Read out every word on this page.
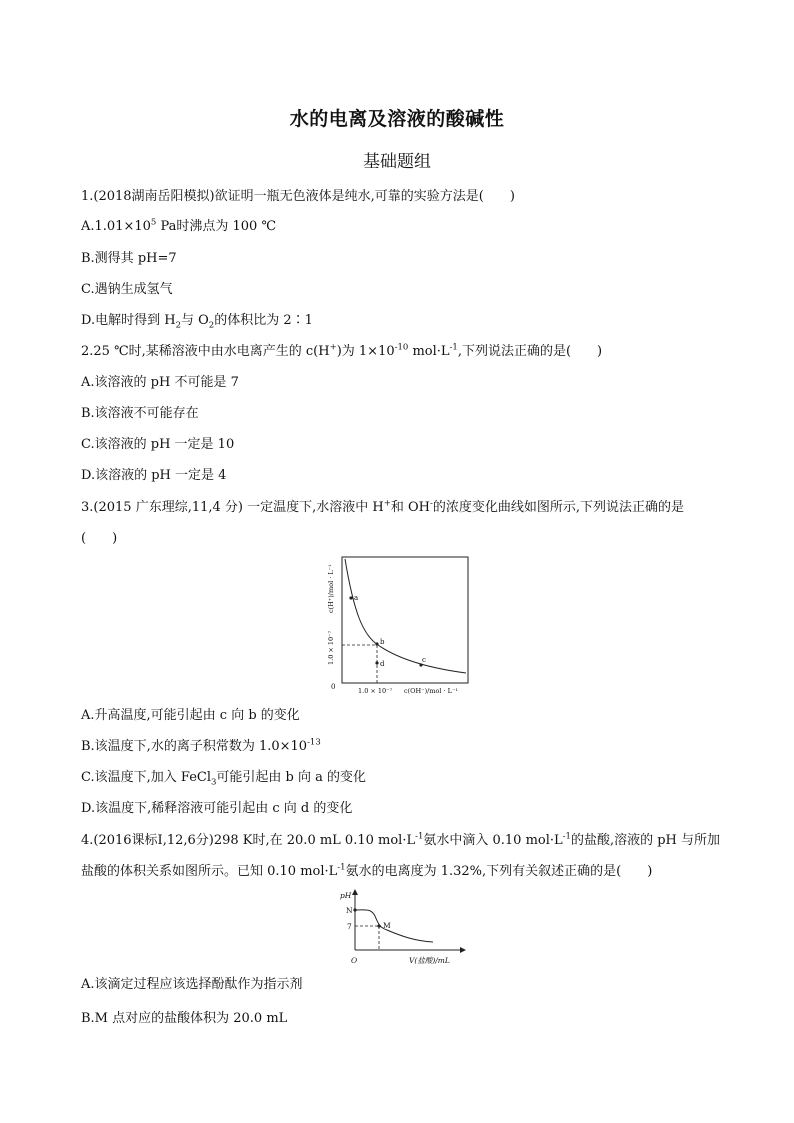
水的电离及溶液的酸碱性
基础题组
1.(2018湖南岳阳模拟)欲证明一瓶无色液体是纯水,可靠的实验方法是(　　)
$A.1.01\times 10^5$ Pa时沸点为 100 ℃
B.测得其 pH=7
C.遇钠生成氢气
D.电解时得到 $H_2$与 $O_2$的体积比为 2∶1
2.25 ℃时,某稀溶液中由水电离产生的 c(H+)为 $1\times 10^{-10}$ $mol\cdot L^{-1}$,下列说法正确的是(　　)
A.该溶液的 pH 不可能是 7
B.该溶液不可能存在
C.该溶液的 pH 一定是 10
D.该溶液的 pH 一定是 4
3.(2015 广东理综,11,4 分) 一定温度下,水溶液中 H+和 OH-的浓度变化曲线如图所示,下列说法正确的是
(　　)
a
b
d	c
1.0 × 10⁻⁷
c(H⁺)/mol · L⁻¹
0	1.0 × 10⁻⁷ c(OH⁻)/mol · L⁻¹
A.升高温度,可能引起由 c 向 b 的变化
B.该温度下,水的离子积常数为 $1.0\times 10^{-13}$
C.该温度下,加入 FeCl$_3$可能引起由 b 向 a 的变化
D.该温度下,稀释溶液可能引起由 c 向 d 的变化
4.(2016课标Ⅰ,12,6分)298 K时,在 20.0 mL 0.10 $mol\cdot L^{-1}$氨水中滴入 0.10 $mol\cdot L^{-1}$的盐酸,溶液的 pH 与所加
盐酸的体积关系如图所示。已知 0.10 $mol\cdot L^{-1}$氨水的电离度为 1.32%,下列有关叙述正确的是(　　)
pH
N
7	M
O	V(盐酸)/mL
A.该滴定过程应该选择酚酞作为指示剂
B.M 点对应的盐酸体积为 20.0 mL
